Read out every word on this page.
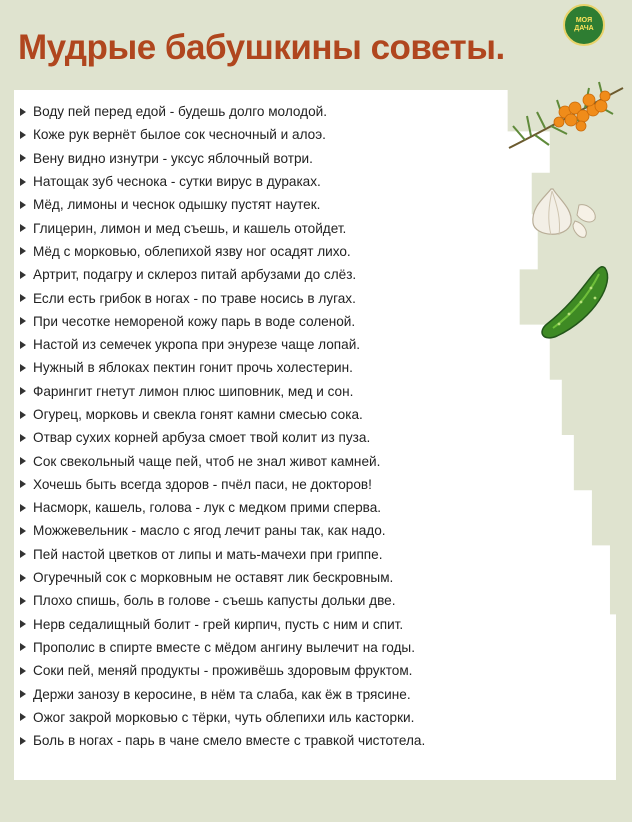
Мудрые бабушкины советы.
MOЯ
ДАЧА
Воду пей перед едой - будешь долго молодой.
Коже рук вернёт былое сок чесночный и алоэ.
Вену видно изнутри - уксус яблочный вотри.
Натощак зуб чеснока - сутки вирус в дураках.
Мёд, лимоны и чеснок одышку пустят наутек.
Глицерин, лимон и мед съешь, и кашель отойдет.
Мёд с морковью, облепихой язву ног осадят лихо.
Артрит, подагру и склероз питай арбузами до слёз.
Если есть грибок в ногах - по траве носись в лугах.
При чесотке немореной кожу парь в воде соленой.
Настой из семечек укропа при энурезе чаще лопай.
Нужный в яблоках пектин гонит прочь холестерин.
Фарингит гнетут лимон плюс шиповник, мед и сон.
Огурец, морковь и свекла гонят камни смесью сока.
Отвар сухих корней арбуза смоет твой колит из пуза.
Сок свекольный чаще пей, чтоб не знал живот камней.
Хочешь быть всегда здоров - пчёл паси, не докторов!
Насморк, кашель, голова - лук с медком прими сперва.
Можжевельник - масло с ягод лечит раны так, как надо.
Пей настой цветков от липы и мать-мачехи при гриппе.
Огуречный сок с морковным не оставят лик бескровным.
Плохо спишь, боль в голове - съешь капусты дольки две.
Нерв седалищный болит - грей кирпич, пусть с ним и спит.
Прополис в спирте вместе с мёдом ангину вылечит на годы.
Соки пей, меняй продукты - проживёшь здоровым фруктом.
Держи занозу в керосине, в нём та слаба, как ёж в трясине.
Ожог закрой морковью с тёрки, чуть облепихи иль касторки.
Боль в ногах - парь в чане смело вместе с травкой чистотела.
